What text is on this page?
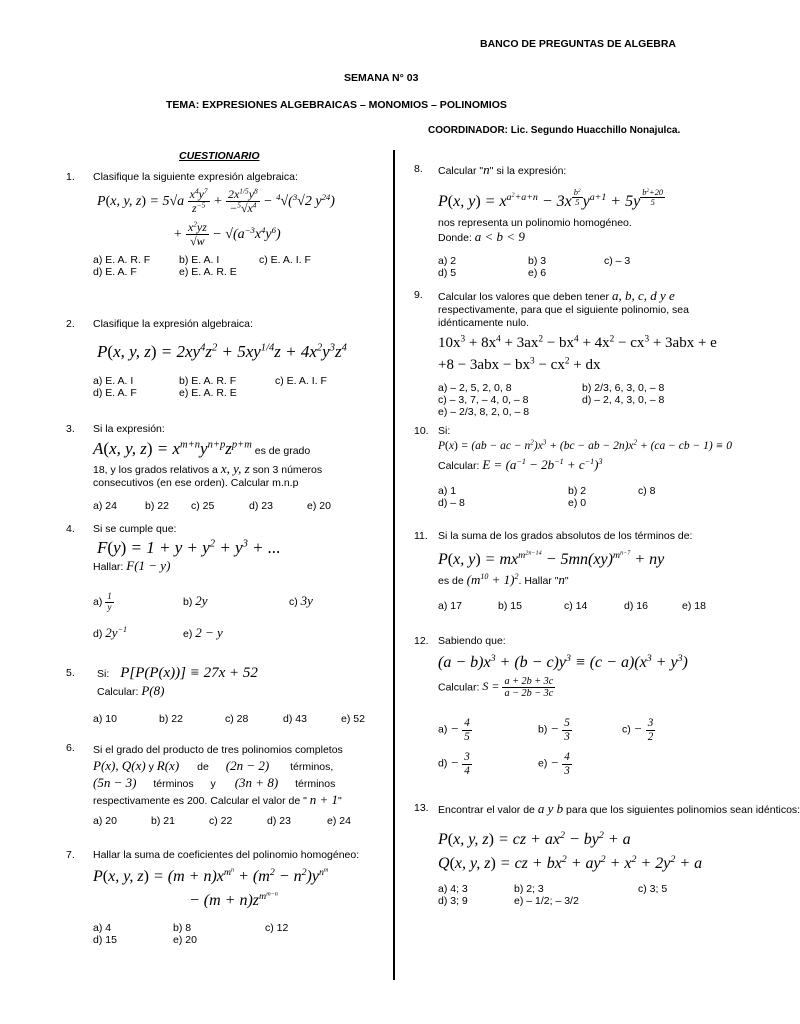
BANCO DE PREGUNTAS DE ALGEBRA
SEMANA N° 03
TEMA: EXPRESIONES ALGEBRAICAS – MONOMIOS – POLINOMIOS
COORDINADOR: Lic. Segundo Huacchillo Nonajulca.
CUESTIONARIO
1. Clasifique la siguiente expresión algebraica:
P(x, y, $z) = 5√a \frac{x^4y^7}{z^{-5}} + \frac{2x^{1/5}y^8}{-^5√x^4} - ^4√(^3√2$ $y^{24}$)
+ $\frac{x^2yz}{√w} - √(a^{-3}x^4y^6)$
a) E. A. R. F	b) E. A. I	c) E. A. I. F
d) E. A. F	e) E. A. R. E
2. Clasifique la expresión algebraica:
P(x, y, $z) = 2xy^4z^2 + 5xy^{1/4}z + 4x^2y^3z^4$
a) E. A. I	b) E. A. R. F	c) E. A. I. F
d) E. A. F	e) E. A. R. E
3. Si la expresión:
A(x, y, $z) = x^{m+n}y^{n+p}z^{p+m}$ es de grado
18, y los grados relativos a x, y, z son 3 números
consecutivos (en ese orden). Calcular m.n.p
a) 24	b) 22	c) 25	d) 23	e) 20
4. Si se cumple que:
$F(y) = 1 + y + y^2 + y^3$ + ...
Hallar: F(1 − y)
$a) \frac{1}{y}$	b) 2y	c) 3y
d) $2y^{-1}$	e) 2 − y
5. Si: P[P(P(x))] ≡ 27x + 52
Calcular: P(8)
a) 10	b) 22	c) 28	d) 43	e) 52
6. Si el grado del producto de tres polinomios completos
P(x), Q(x) y R(x) de (2n − 2) términos,
(5n − 3) términos y (3n + 8) términos
respectivamente es 200. Calcular el valor de " n + 1"
a) 20	b) 21	c) 22	d) 23	e) 24
7. Hallar la suma de coeficientes del polinomio homogéneo:
P(x, y, $z) = (m + n)x^{m^n} + (m^2 - n^2)y^{n^m}$
− $(m + n)z^{m^{m-n}}$
a) 4	b) 8	c) 12
d) 15	e) 20
8. Calcular "n" si la expresión:
P(x, $y) = x^{a^2+a+n} - 3x$ $^{\frac{b^2}{5}}$ $y^{a+1} + 5y$ $^{\frac{b^2+20}{5}}$
nos representa un polinomio homogéneo.
Donde: a < b < 9
a) 2	b) 3	c) – 3
d) 5	e) 6
9. Calcular los valores que deben tener a, b, c, d y e
respectivamente, para que el siguiente polinomio, sea idénticamente nulo.
$10x^3 + 8x^4 + 3ax^2 - bx^4 + 4x^2 - cx^3 + 3abx + e$
$+8 - 3abx - bx^3 - cx^2$ + dx
a) – 2, 5, 2, 0, 8	b) 2/3, 6, 3, 0, – 8
c) – 3, 7, – 4, 0, – 8	d) – 2, 4, 3, 0, – 8
e) – 2/3, 8, 2, 0, – 8
10. Si:
P(x) = (ab − ac − $n^2)x^3 + (bc$ − ab − $2n)x^2 + (ca$ − cb − 1) ≡ 0
Calcular: $E = (a^{-1} - 2b^{-1} + c^{-1})^3$
a) 1	b) 2	c) 8
d) – 8	e) 0
11. Si la suma de los grados absolutos de los términos de:
P(x, $y) = mx^{m^{2n-14}} - 5mn(xy)^{m^{n-7}}$ + ny
es de $(m^{10} + 1)^2$. Hallar "n"
a) 17	b) 15	c) 14	d) 16	e) 18
12. Sabiendo que:
$(a - b)x^3 + (b - c)y^3 \equiv (c - a)(x^3 + y^3)$
Calcular: $S = \frac{a + 2b + 3c}{a - 2b - 3c}$
$a) - \frac{4}{5}$	$b) - \frac{5}{3}$	$c) - \frac{3}{2}$
$d) - \frac{3}{4}$	$e) - \frac{4}{3}$
13. Encontrar el valor de a y b para que los siguientes polinomios sean idénticos:
P(x, y, z) = cz + $ax^2 - by^2 + a$
Q(x, y, z) = cz + $bx^2 + ay^2 + x^2 + 2y^2 + a$
a) 4; 3	b) 2; 3	c) 3; 5
d) 3; 9	e) – 1/2; – 3/2
